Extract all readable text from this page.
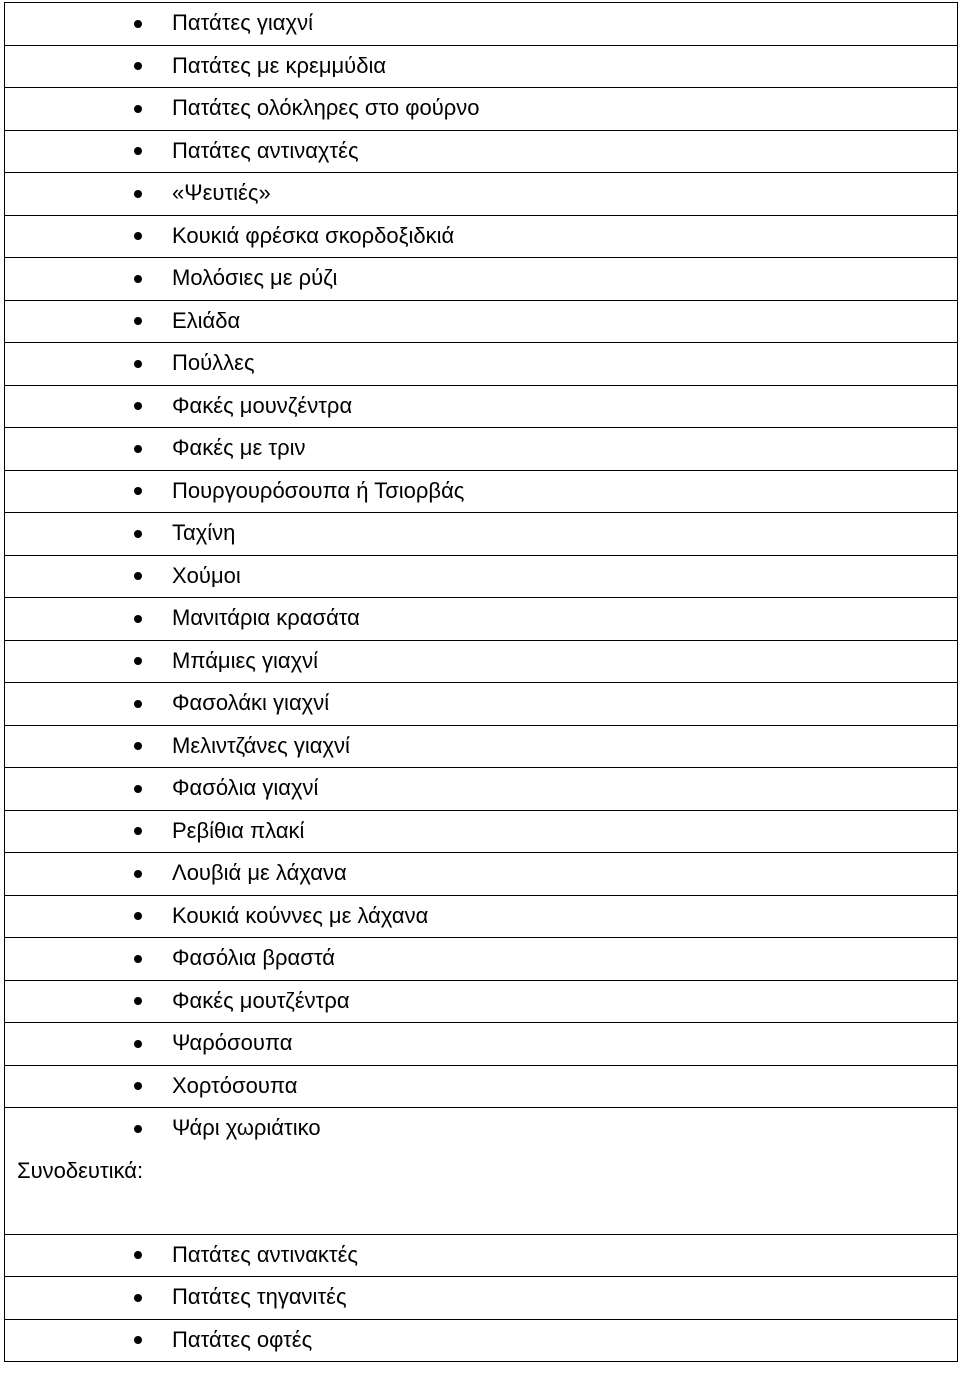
Πατάτες γιαχνί
Πατάτες με κρεμμύδια
Πατάτες ολόκληρες στο φούρνο
Πατάτες αντιναχτές
«Ψευτιές»
Κουκιά φρέσκα σκορδοξιδκιά
Μολόσιες με ρύζι
Ελιάδα
Πούλλες
Φακές μουνζέντρα
Φακές με τριν
Πουργουρόσουπα ή Τσιορβάς
Ταχίνη
Χούμοι
Μανιτάρια κρασάτα
Μπάμιες γιαχνί
Φασολάκι γιαχνί
Μελιντζάνες γιαχνί
Φασόλια γιαχνί
Ρεβίθια πλακί
Λουβιά με λάχανα
Κουκιά κούννες με λάχανα
Φασόλια βραστά
Φακές μουτζέντρα
Ψαρόσουπα
Χορτόσουπα
Ψάρι χωριάτικο
Συνοδευτικά:
Πατάτες αντινακτές
Πατάτες τηγανιτές
Πατάτες οφτές
